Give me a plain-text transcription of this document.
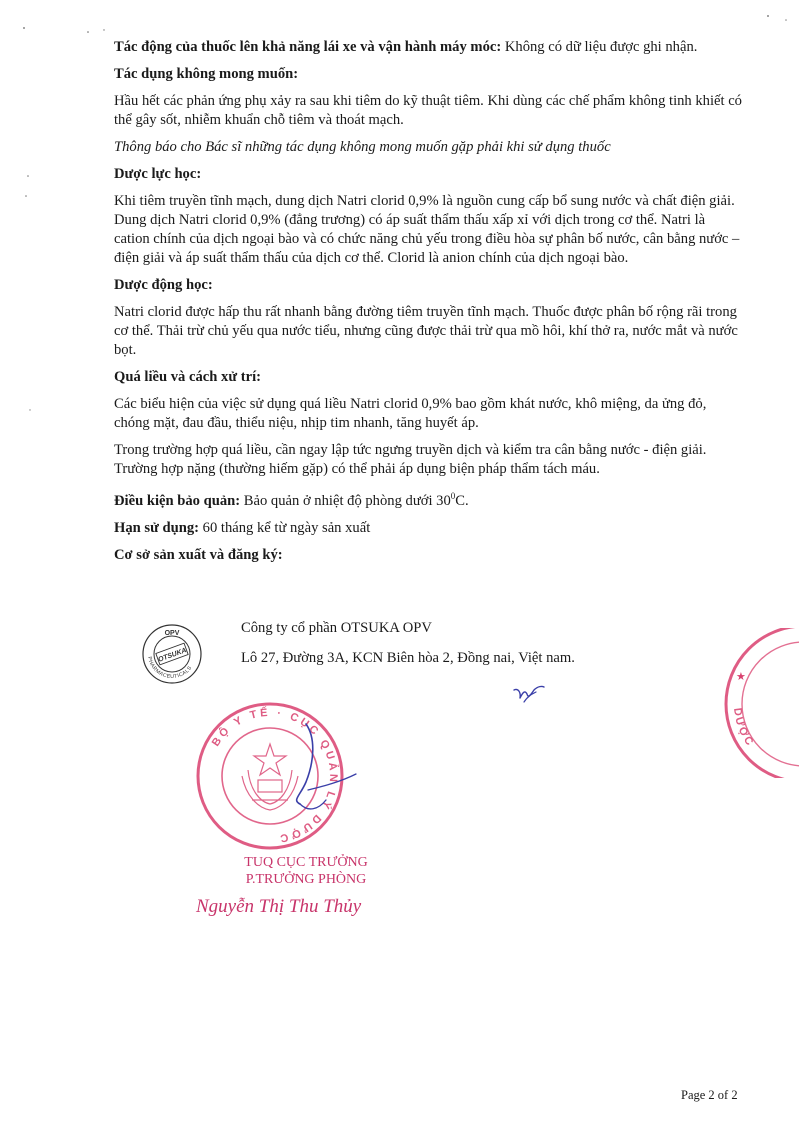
Tác động của thuốc lên khả năng lái xe và vận hành máy móc: Không có dữ liệu được ghi nhận.

Tác dụng không mong muốn:

Hầu hết các phản ứng phụ xảy ra sau khi tiêm do kỹ thuật tiêm. Khi dùng các chế phẩm không tinh khiết có thể gây sốt, nhiễm khuẩn chỗ tiêm và thoát mạch.

Thông báo cho Bác sĩ những tác dụng không mong muốn gặp phải khi sử dụng thuốc

Dược lực học:

Khi tiêm truyền tĩnh mạch, dung dịch Natri clorid 0,9% là nguồn cung cấp bổ sung nước và chất điện giải. Dung dịch Natri clorid 0,9% (đẳng trương) có áp suất thẩm thấu xấp xỉ với dịch trong cơ thể. Natri là cation chính của dịch ngoại bào và có chức năng chủ yếu trong điều hòa sự phân bố nước, cân bằng nước – điện giải và áp suất thẩm thấu của dịch cơ thể. Clorid là anion chính của dịch ngoại bào.

Dược động học:

Natri clorid được hấp thu rất nhanh bằng đường tiêm truyền tĩnh mạch. Thuốc được phân bố rộng rãi trong cơ thể. Thải trừ chủ yếu qua nước tiểu, nhưng cũng được thải trừ qua mồ hôi, khí thở ra, nước mắt và nước bọt.

Quá liều và cách xử trí:

Các biểu hiện của việc sử dụng quá liều Natri clorid 0,9% bao gồm khát nước, khô miệng, da ửng đỏ, chóng mặt, đau đầu, thiểu niệu, nhịp tim nhanh, tăng huyết áp.

Trong trường hợp quá liều, cần ngay lập tức ngưng truyền dịch và kiểm tra cân bằng nước - điện giải. Trường hợp nặng (thường hiếm gặp) có thể phải áp dụng biện pháp thẩm tách máu.

Điều kiện bảo quản: Bảo quản ở nhiệt độ phòng dưới $30^0C$.

Hạn sử dụng: 60 tháng kể từ ngày sản xuất

Cơ sở sản xuất và đăng ký:

OPV
OTSUKA
PHARMACEUTICALS

Công ty cổ phần OTSUKA OPV

Lô 27, Đường 3A, KCN Biên hòa 2, Đồng nai, Việt nam.

BỘ Y TẾ · CỤC QUẢN LÝ DƯỢC
★
DƯỢC
TUQ CỤC TRƯỞNG
P.TRƯỞNG PHÒNG
Nguyễn Thị Thu Thủy
Page 2 of 2
